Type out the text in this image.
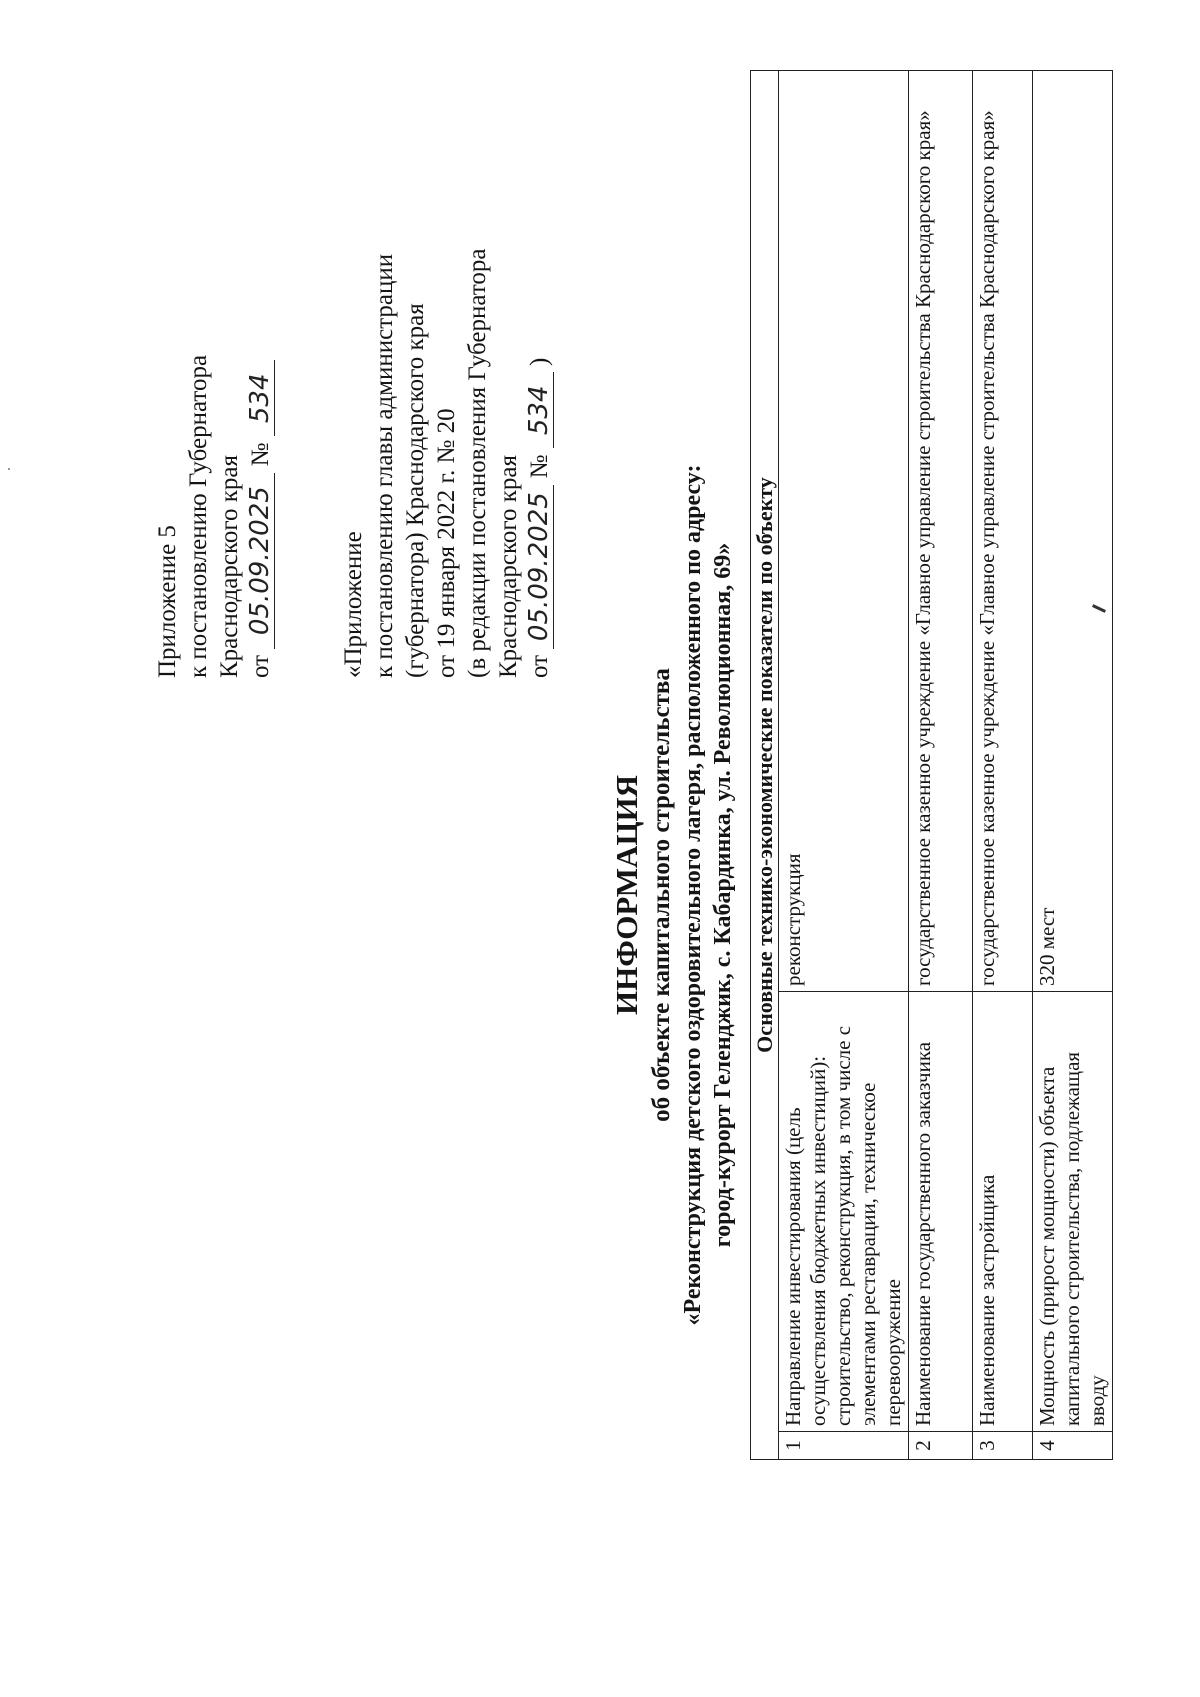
Приложение 5 к постановлению Губернатора Краснодарского края от 05.09.2025 № 534
«Приложение к постановлению главы администрации (губернатора) Краснодарского края от 19 января 2022 г. № 20 (в редакции постановления Губернатора Краснодарского края от 05.09.2025 № 534 )
ИНФОРМАЦИЯ об объекте капитального строительства «Реконструкция детского оздоровительного лагеря, расположенного по адресу: город-курорт Геленджик, с. Кабардинка, ул. Революционная, 69» Основные технико-экономические показатели по объекту		
1	Направление инвестирования (цель осуществления бюджетных инвестиций): строительство, реконструкция, в том числе с элементами реставрации, техническое перевооружение	реконструкция
2	Наименование государственного заказчика	государственное казенное учреждение «Главное управление строительства Краснодарского края»
3	Наименование застройщика	государственное казенное учреждение «Главное управление строительства Краснодарского края»
4	Мощность (прирост мощности) объекта капитального строительства, подлежащая вводу	320 мест
